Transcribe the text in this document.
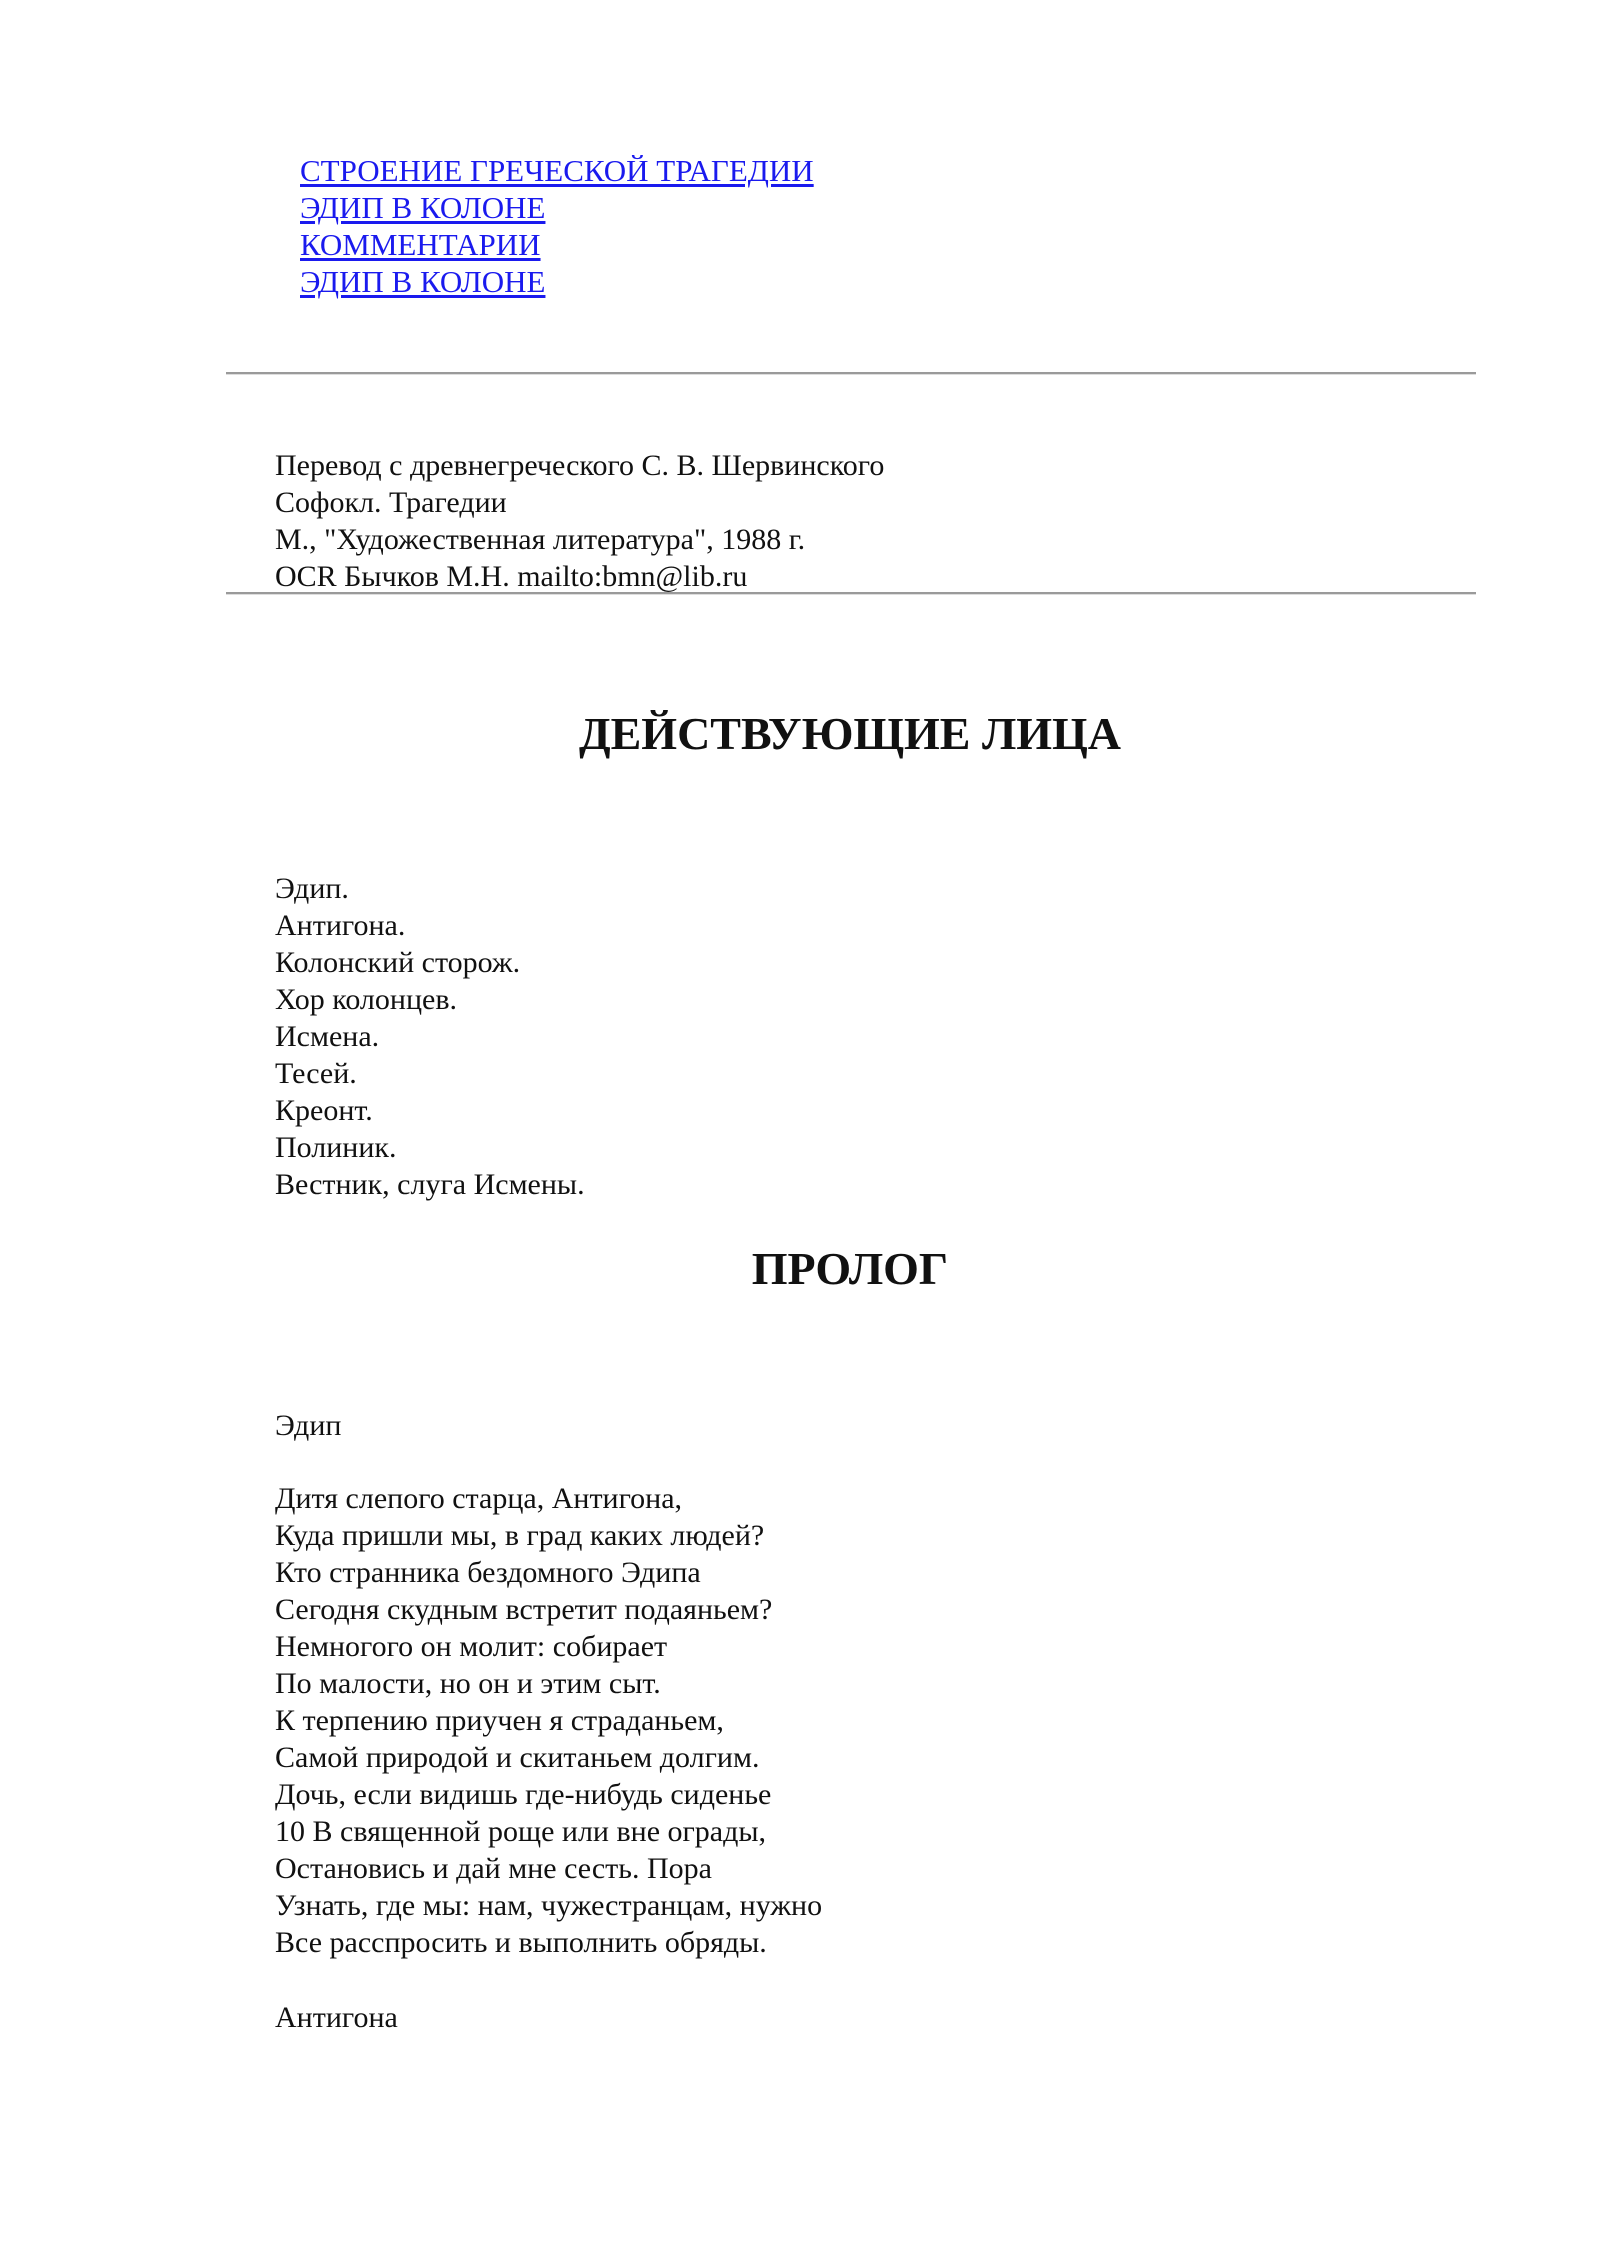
СТРОЕНИЕ ГРЕЧЕСКОЙ ТРАГЕДИИ
ЭДИП В КОЛОНЕ
КОММЕНТАРИИ
ЭДИП В КОЛОНЕ
Перевод с древнегреческого С. В. Шервинского
Софокл. Трагедии
М., "Художественная литература", 1988 г.
OCR Бычков М.Н. mailto:bmn@lib.ru
ДЕЙСТВУЮЩИЕ ЛИЦА
Эдип.
Антигона.
Колонский сторож.
Хор колонцев.
Исмена.
Тесей.
Креонт.
Полиник.
Вестник, слуга Исмены.
ПРОЛОГ
Эдип
Дитя слепого старца, Антигона,
Куда пришли мы, в град каких людей?
Кто странника бездомного Эдипа
Сегодня скудным встретит подаяньем?
Немногого он молит: собирает
По малости, но он и этим сыт.
К терпению приучен я страданьем,
Самой природой и скитаньем долгим.
Дочь, если видишь где-нибудь сиденье
10 В священной роще или вне ограды,
Остановись и дай мне сесть. Пора
Узнать, где мы: нам, чужестранцам, нужно
Все расспросить и выполнить обряды.
Антигона
